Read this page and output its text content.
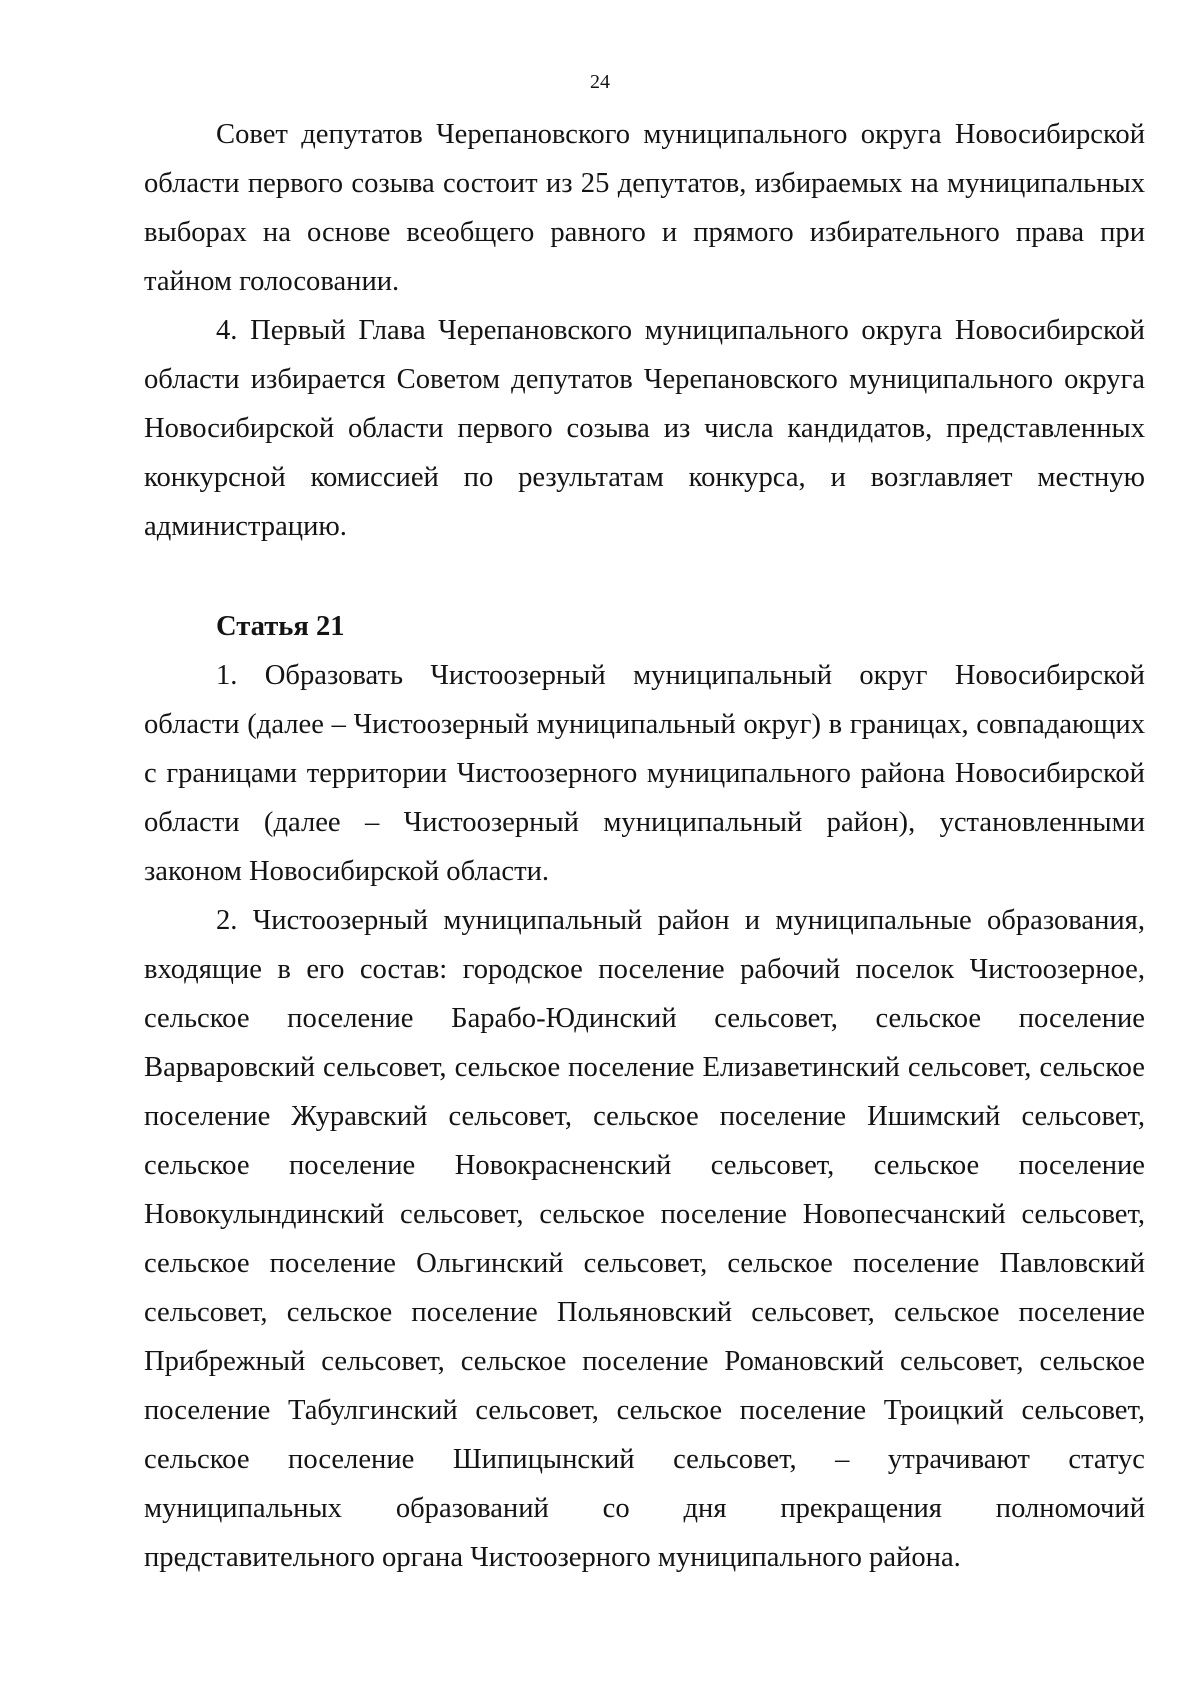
24

Совет депутатов Черепановского муниципального округа Новосибирской области первого созыва состоит из 25 депутатов, избираемых на муниципальных выборах на основе всеобщего равного и прямого избирательного права при тайном голосовании.

4. Первый Глава Черепановского муниципального округа Новосибирской области избирается Советом депутатов Черепановского муниципального округа Новосибирской области первого созыва из числа кандидатов, представленных конкурсной комиссией по результатам конкурса, и возглавляет местную администрацию.

Статья 21

1. Образовать Чистоозерный муниципальный округ Новосибирской области (далее – Чистоозерный муниципальный округ) в границах, совпадающих с границами территории Чистоозерного муниципального района Новосибирской области (далее – Чистоозерный муниципальный район), установленными законом Новосибирской области.

2. Чистоозерный муниципальный район и муниципальные образования, входящие в его состав: городское поселение рабочий поселок Чистоозерное, сельское поселение Барабо-Юдинский сельсовет, сельское поселение Варваровский сельсовет, сельское поселение Елизаветинский сельсовет, сельское поселение Журавский сельсовет, сельское поселение Ишимский сельсовет, сельское поселение Новокрасненский сельсовет, сельское поселение Новокулындинский сельсовет, сельское поселение Новопесчанский сельсовет, сельское поселение Ольгинский сельсовет, сельское поселение Павловский сельсовет, сельское поселение Польяновский сельсовет, сельское поселение Прибрежный сельсовет, сельское поселение Романовский сельсовет, сельское поселение Табулгинский сельсовет, сельское поселение Троицкий сельсовет, сельское поселение Шипицынский сельсовет, – утрачивают статус муниципальных образований со дня прекращения полномочий представительного органа Чистоозерного муниципального района.
